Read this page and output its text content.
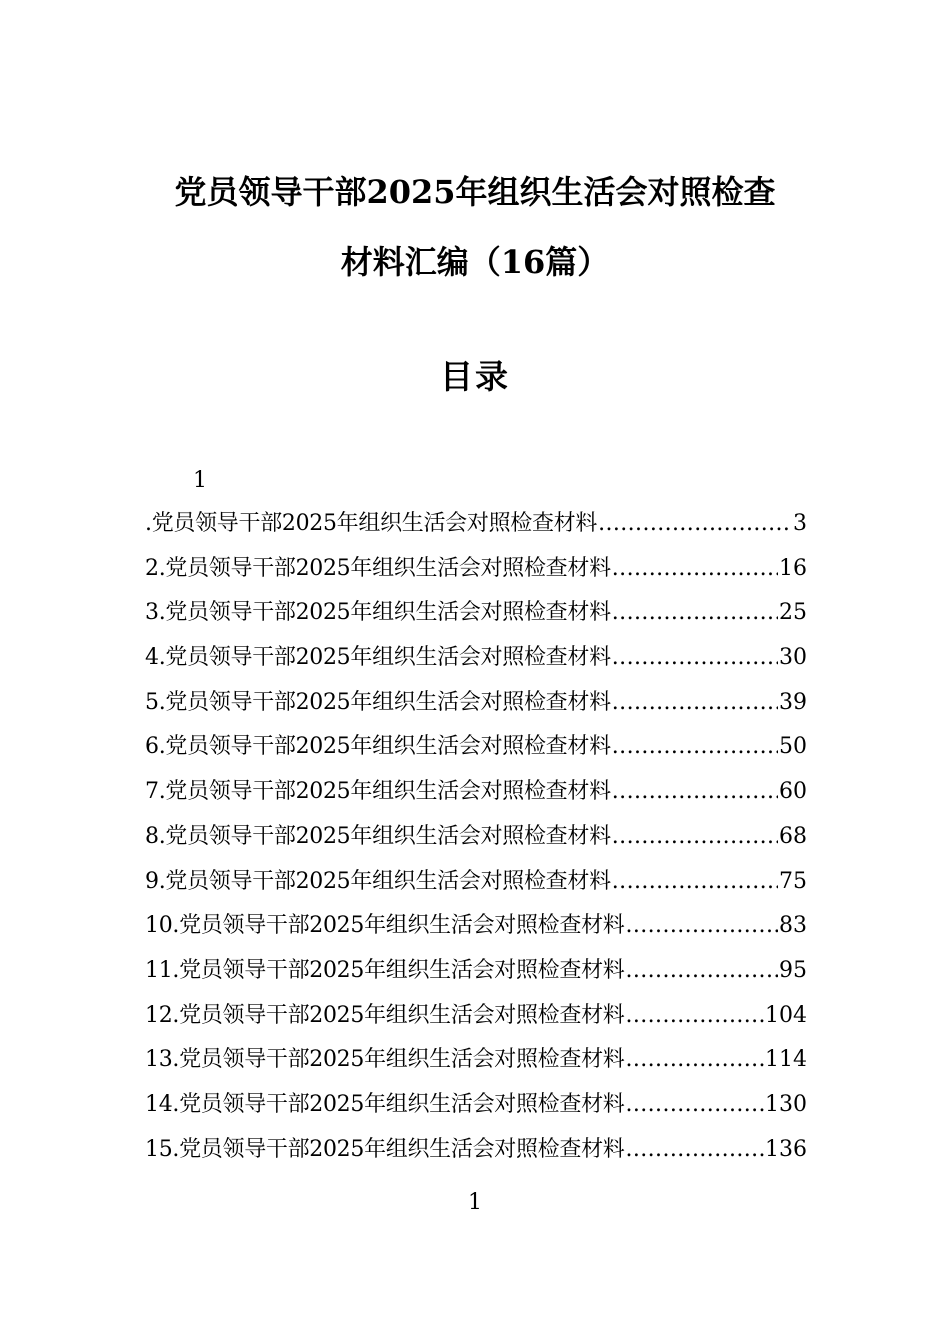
党员领导干部2025年组织生活会对照检查
材料汇编（16篇）
目录
1
.党员领导干部2025年组织生活会对照检查材料 .....	3
2.党员领导干部2025年组织生活会对照检查材料 .....	16
3.党员领导干部2025年组织生活会对照检查材料 .....	25
4.党员领导干部2025年组织生活会对照检查材料 .....	30
5.党员领导干部2025年组织生活会对照检查材料 .....	39
6.党员领导干部2025年组织生活会对照检查材料 .....	50
7.党员领导干部2025年组织生活会对照检查材料 .....	60
8.党员领导干部2025年组织生活会对照检查材料 .....	68
9.党员领导干部2025年组织生活会对照检查材料 .....	75
10.党员领导干部2025年组织生活会对照检查材料 .....	83
11.党员领导干部2025年组织生活会对照检查材料 .....	95
12.党员领导干部2025年组织生活会对照检查材料 .....	104
13.党员领导干部2025年组织生活会对照检查材料 .....	114
14.党员领导干部2025年组织生活会对照检查材料 .....	130
15.党员领导干部2025年组织生活会对照检查材料 .....	136
1
